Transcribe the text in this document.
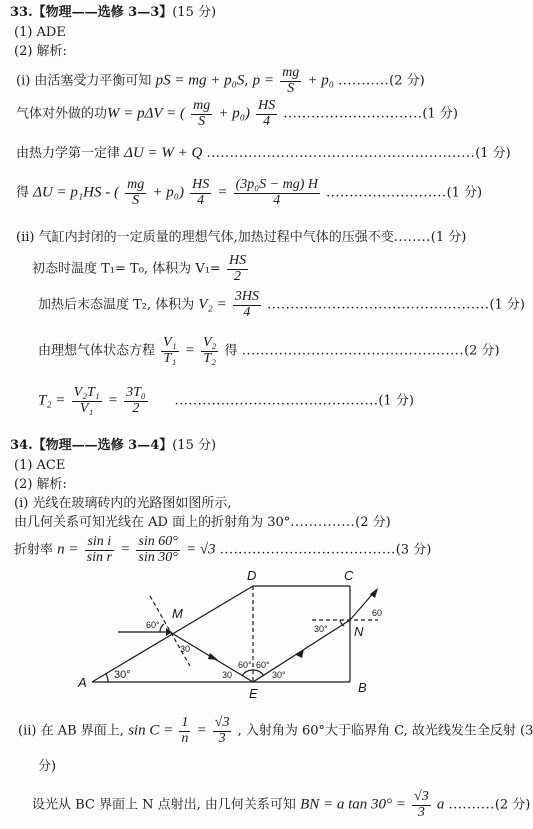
33.【物理——选修 3—3】(15 分)
(1) ADE
(2) 解析:
(i) 由活塞受力平衡可知 pS = mg + p₀S, $p = \frac{mg}{S} + p_0$ ...........(2 分)
气体对外做的功W = pΔV = ( $\frac{mg}{S} + p_0) \frac{HS}{4} ..............................(1$ 分)
由热力学第一定律 ΔU = W + Q ..........................................................(1 分)
得 ΔU = p₁HS - ( $\frac{mg}{S} + p_0) \frac{HS}{4} = \frac{\text{(3p₀S − mg) H}}{4} ..........................(1$ 分)
(ii) 气缸内封闭的一定质量的理想气体,加热过程中气体的压强不变........(1 分)
初态时温度 T₁= T₀, 体积为 $V_1= \frac{HS}{2}$
加热后末态温度 T₂, 体积为 $V_2 = \frac{3HS}{4} ................................................(1$ 分)
由理想气体状态方程 $\frac{\text{V₁}}{\text{T₁}} = \frac{\text{V₂}}{\text{T₂}}$ 得 ................................................(2 分)
$T_2 = \frac{\text{V₂T₁}}{\text{V₁}} = \frac{\text{3T₀}}{2} ............................................(1$ 分)
34.【物理——选修 3—4】(15 分)
(1) ACE
(2) 解析:
(i) 光线在玻璃砖内的光路图如图所示,
由几何关系可知光线在 AD 面上的折射角为 30°..............(2 分)
折射率 $n = \frac{\text{sin i}}{\text{sin r}} = \frac{\sin 60^\circ}{\sin 30^\circ} = √3$ ......................................(3 分)
A	B
C
D
E
M
N
30°
60°
30
30
60° 60°
30°
30°
60
(ii) 在 AB 界面上, $\sin C = \frac{1}{n} = \frac{√3}{3}$ , 入射角为 60°大于临界角 C, 故光线发生全反射 (3
分)
设光从 BC 界面上 N 点射出, 由几何关系可知 BN = a $\tan 30^\circ = \frac{√3}{3}$ a ..........(2 分)
